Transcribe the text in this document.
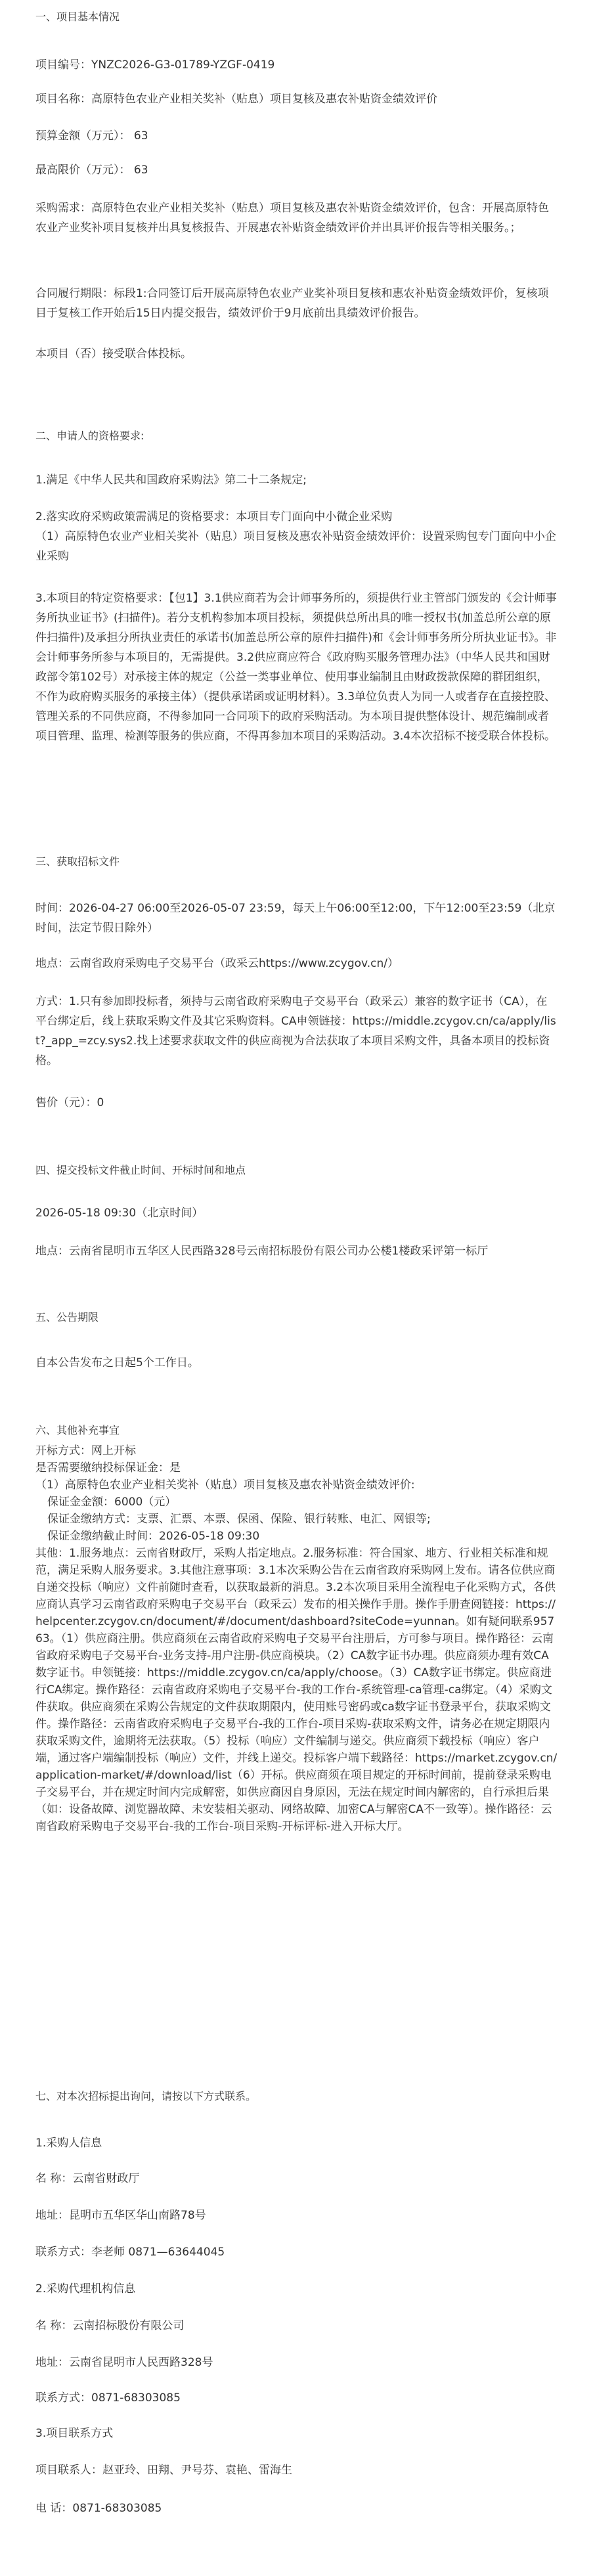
一、项目基本情况

项目编号：YNZC2026-G3-01789-YZGF-0419

项目名称：高原特色农业产业相关奖补（贴息）项目复核及惠农补贴资金绩效评价

预算金额（万元）： 63

最高限价（万元）： 63

采购需求：高原特色农业产业相关奖补（贴息）项目复核及惠农补贴资金绩效评价，包含：开展高原特色农业产业奖补项目复核并出具复核报告、开展惠农补贴资金绩效评价并出具评价报告等相关服务。；

合同履行期限：标段1:合同签订后开展高原特色农业产业奖补项目复核和惠农补贴资金绩效评价，复核项目于复核工作开始后15日内提交报告，绩效评价于9月底前出具绩效评价报告。

本项目（否）接受联合体投标。

二、申请人的资格要求:

1.满足《中华人民共和国政府采购法》第二十二条规定;

2.落实政府采购政策需满足的资格要求：本项目专门面向中小微企业采购

（1）高原特色农业产业相关奖补（贴息）项目复核及惠农补贴资金绩效评价：设置采购包专门面向中小企业采购

3.本项目的特定资格要求：【包1】3.1供应商若为会计师事务所的，须提供行业主管部门颁发的《会计师事务所执业证书》(扫描件)。若分支机构参加本项目投标，须提供总所出具的唯一授权书(加盖总所公章的原件扫描件)及承担分所执业责任的承诺书(加盖总所公章的原件扫描件)和《会计师事务所分所执业证书》。非会计师事务所参与本项目的，无需提供。3.2供应商应符合《政府购买服务管理办法》（中华人民共和国财政部令第102号）对承接主体的规定（公益一类事业单位、使用事业编制且由财政拨款保障的群团组织，不作为政府购买服务的承接主体）（提供承诺函或证明材料）。3.3单位负责人为同一人或者存在直接控股、管理关系的不同供应商，不得参加同一合同项下的政府采购活动。为本项目提供整体设计、规范编制或者项目管理、监理、检测等服务的供应商，不得再参加本项目的采购活动。3.4本次招标不接受联合体投标。

三、获取招标文件

时间：2026-04-27 06:00至2026-05-07 23:59，每天上午06:00至12:00，下午12:00至23:59（北京时间，法定节假日除外）

地点：云南省政府采购电子交易平台（政采云https://www.zcygov.cn/）

方式：1.只有参加即投标者，须持与云南省政府采购电子交易平台（政采云）兼容的数字证书（CA），在平台绑定后，线上获取采购文件及其它采购资料。CA申领链接：https://middle.zcygov.cn/ca/apply/list?_app_=zcy.sys2.找上述要求获取文件的供应商视为合法获取了本项目采购文件，具备本项目的投标资格。

售价（元）：0

四、提交投标文件截止时间、开标时间和地点

2026-05-18 09:30（北京时间）

地点：云南省昆明市五华区人民西路328号云南招标股份有限公司办公楼1楼政采评第一标厅

五、公告期限

自本公告发布之日起5个工作日。

六、其他补充事宜

开标方式：网上开标

是否需要缴纳投标保证金：是

（1）高原特色农业产业相关奖补（贴息）项目复核及惠农补贴资金绩效评价:

保证金金额：6000（元）

保证金缴纳方式：支票、汇票、本票、保函、保险、银行转账、电汇、网银等;

保证金缴纳截止时间：2026-05-18 09:30

其他：1.服务地点：云南省财政厅，采购人指定地点。2.服务标准：符合国家、地方、行业相关标准和规范，满足采购人服务要求。3.其他注意事项：3.1本次采购公告在云南省政府采购网上发布。请各位供应商自递交投标（响应）文件前随时查看，以获取最新的消息。3.2本次项目采用全流程电子化采购方式，各供应商认真学习云南省政府采购电子交易平台（政采云）发布的相关操作手册。操作手册查阅链接：https://helpcenter.zcygov.cn/document/#/document/dashboard?siteCode=yunnan。如有疑问联系95763。（1）供应商注册。供应商须在云南省政府采购电子交易平台注册后，方可参与项目。操作路径：云南省政府采购电子交易平台-业务支持-用户注册-供应商模块。（2）CA数字证书办理。供应商须办理有效CA数字证书。申领链接：https://middle.zcygov.cn/ca/apply/choose。（3）CA数字证书绑定。供应商进行CA绑定。操作路径：云南省政府采购电子交易平台-我的工作台-系统管理-ca管理-ca绑定。（4）采购文件获取。供应商须在采购公告规定的文件获取期限内，使用账号密码或ca数字证书登录平台，获取采购文件。操作路径：云南省政府采购电子交易平台-我的工作台-项目采购-获取采购文件，请务必在规定期限内获取采购文件，逾期将无法获取。（5）投标（响应）文件编制与递交。供应商须下载投标（响应）客户端，通过客户端编制投标（响应）文件，并线上递交。投标客户端下载路径：https://market.zcygov.cn/application-market/#/download/list（6）开标。供应商须在项目规定的开标时间前，提前登录采购电子交易平台，并在规定时间内完成解密，如供应商因自身原因，无法在规定时间内解密的，自行承担后果（如：设备故障、浏览器故障、未安装相关驱动、网络故障、加密CA与解密CA不一致等）。操作路径：云南省政府采购电子交易平台-我的工作台-项目采购-开标评标-进入开标大厅。

七、对本次招标提出询问，请按以下方式联系。

1.采购人信息

名 称：云南省财政厅

地址：昆明市五华区华山南路78号

联系方式：李老师 0871—63644045

2.采购代理机构信息

名 称：云南招标股份有限公司

地址：云南省昆明市人民西路328号

联系方式：0871-68303085

3.项目联系方式

项目联系人：赵亚玲、田翔、尹号芬、袁艳、雷海生

电 话：0871-68303085
